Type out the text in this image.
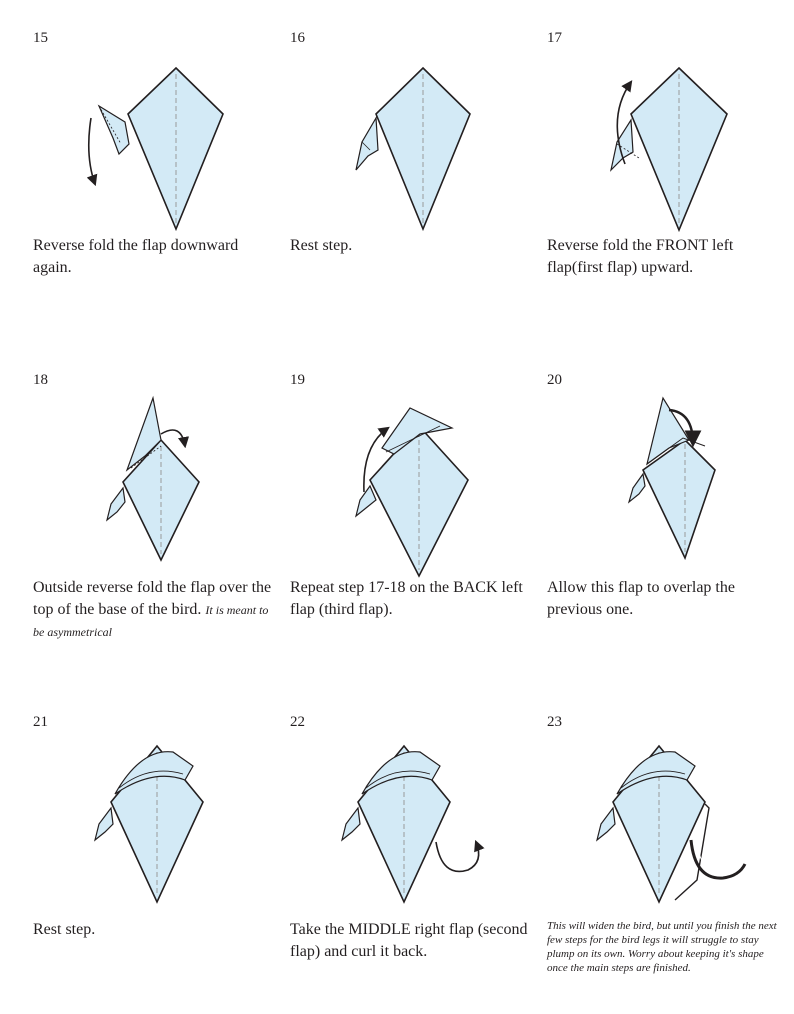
15
Reverse fold the flap downward again.
16
Rest step.
17
Reverse fold the FRONT left flap(first flap) upward.
18
Outside reverse fold the flap over the top of the base of the bird. It is meant to be asymmetrical
19
Repeat step 17-18 on the BACK left flap (third flap).
20
Allow this flap to overlap the previous one.
21
Rest step.
22
Take the MIDDLE right flap (second flap) and curl it back.
23
This will widen the bird, but until you finish the next few steps for the bird legs it will struggle to stay plump on its own. Worry about keeping it's shape once the main steps are finished.
